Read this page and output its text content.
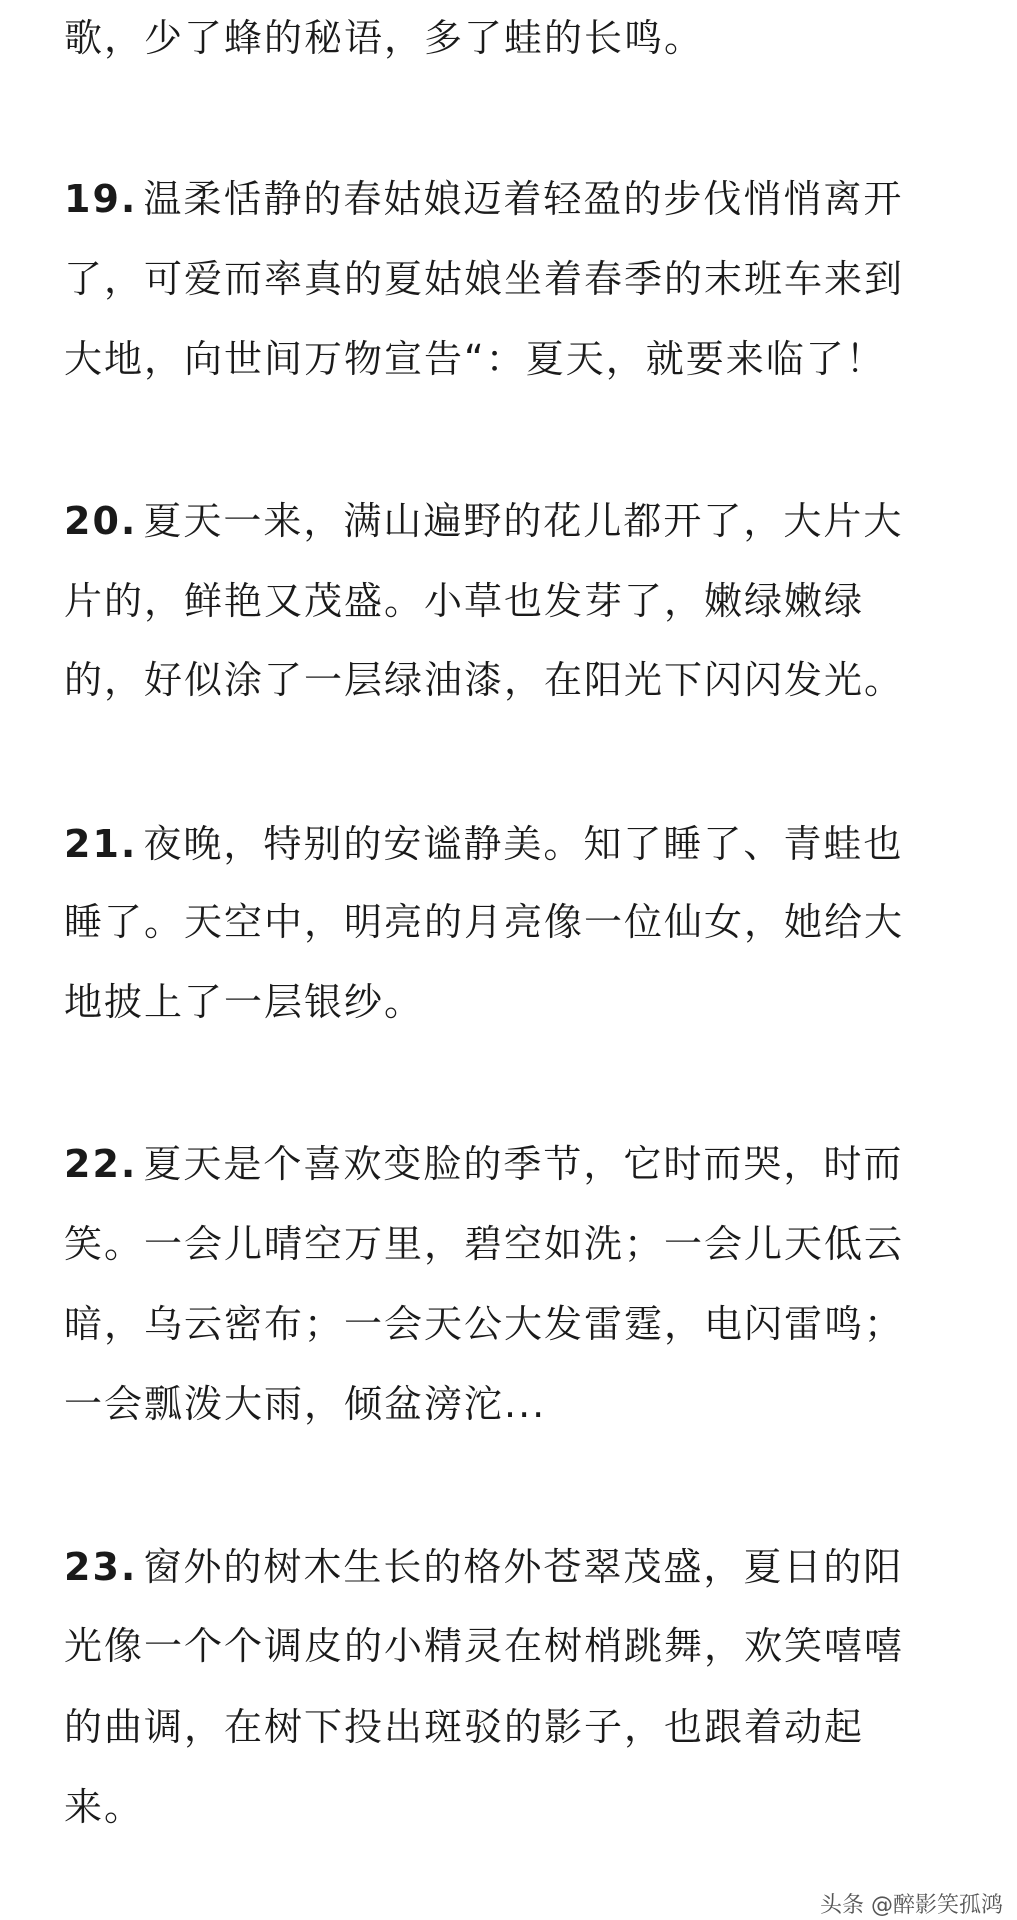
歌，少了蜂的秘语，多了蛙的长鸣。
19. 温柔恬静的春姑娘迈着轻盈的步伐悄悄离开
了，可爱而率真的夏姑娘坐着春季的末班车来到
大地，向世间万物宣告“：夏天，就要来临了！
20. 夏天一来，满山遍野的花儿都开了，大片大
片的，鲜艳又茂盛。小草也发芽了，嫩绿嫩绿
的，好似涂了一层绿油漆，在阳光下闪闪发光。
21. 夜晚，特别的安谧静美。知了睡了、青蛙也
睡了。天空中，明亮的月亮像一位仙女，她给大
地披上了一层银纱。
22. 夏天是个喜欢变脸的季节，它时而哭，时而
笑。一会儿晴空万里，碧空如洗；一会儿天低云
暗，乌云密布；一会天公大发雷霆，电闪雷鸣；
一会瓢泼大雨，倾盆滂沱...
23. 窗外的树木生长的格外苍翠茂盛，夏日的阳
光像一个个调皮的小精灵在树梢跳舞，欢笑嘻嘻
的曲调，在树下投出斑驳的影子，也跟着动起
来。
头条 @醉影笑孤鸿
